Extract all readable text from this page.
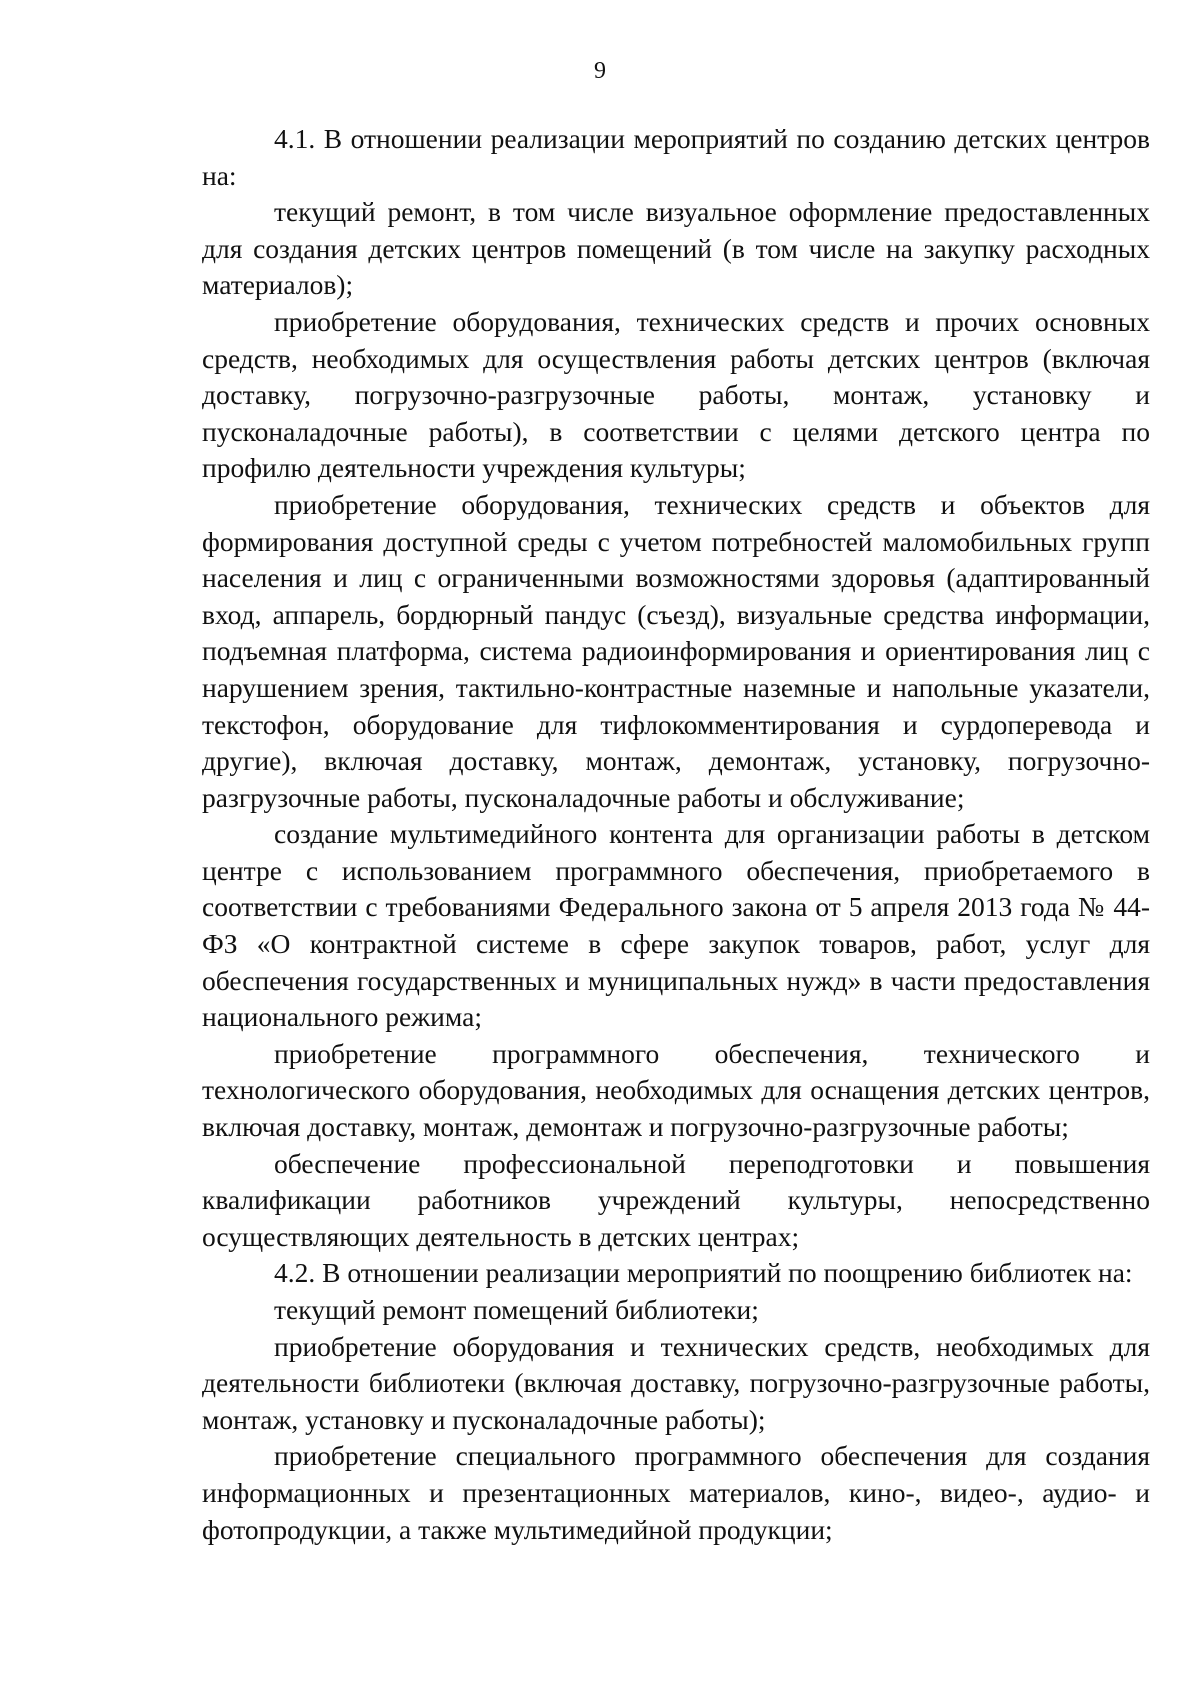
9

4.1. В отношении реализации мероприятий по созданию детских центров на:

текущий ремонт, в том числе визуальное оформление предоставленных для создания детских центров помещений (в том числе на закупку расходных материалов);

приобретение оборудования, технических средств и прочих основных средств, необходимых для осуществления работы детских центров (включая доставку, погрузочно-разгрузочные работы, монтаж, установку и пусконаладочные работы), в соответствии с целями детского центра по профилю деятельности учреждения культуры;

приобретение оборудования, технических средств и объектов для формирования доступной среды с учетом потребностей маломобильных групп населения и лиц с ограниченными возможностями здоровья (адаптированный вход, аппарель, бордюрный пандус (съезд), визуальные средства информации, подъемная платформа, система радиоинформирования и ориентирования лиц с нарушением зрения, тактильно-контрастные наземные и напольные указатели, текстофон, оборудование для тифлокомментирования и сурдоперевода и другие), включая доставку, монтаж, демонтаж, установку, погрузочно-разгрузочные работы, пусконаладочные работы и обслуживание;

создание мультимедийного контента для организации работы в детском центре с использованием программного обеспечения, приобретаемого в соответствии с требованиями Федерального закона от 5 апреля 2013 года № 44-ФЗ «О контрактной системе в сфере закупок товаров, работ, услуг для обеспечения государственных и муниципальных нужд» в части предоставления национального режима;

приобретение программного обеспечения, технического и технологического оборудования, необходимых для оснащения детских центров, включая доставку, монтаж, демонтаж и погрузочно-разгрузочные работы;

обеспечение профессиональной переподготовки и повышения квалификации работников учреждений культуры, непосредственно осуществляющих деятельность в детских центрах;

4.2. В отношении реализации мероприятий по поощрению библиотек на:

текущий ремонт помещений библиотеки;

приобретение оборудования и технических средств, необходимых для деятельности библиотеки (включая доставку, погрузочно-разгрузочные работы, монтаж, установку и пусконаладочные работы);

приобретение специального программного обеспечения для создания информационных и презентационных материалов, кино-, видео-, аудио- и фотопродукции, а также мультимедийной продукции;
